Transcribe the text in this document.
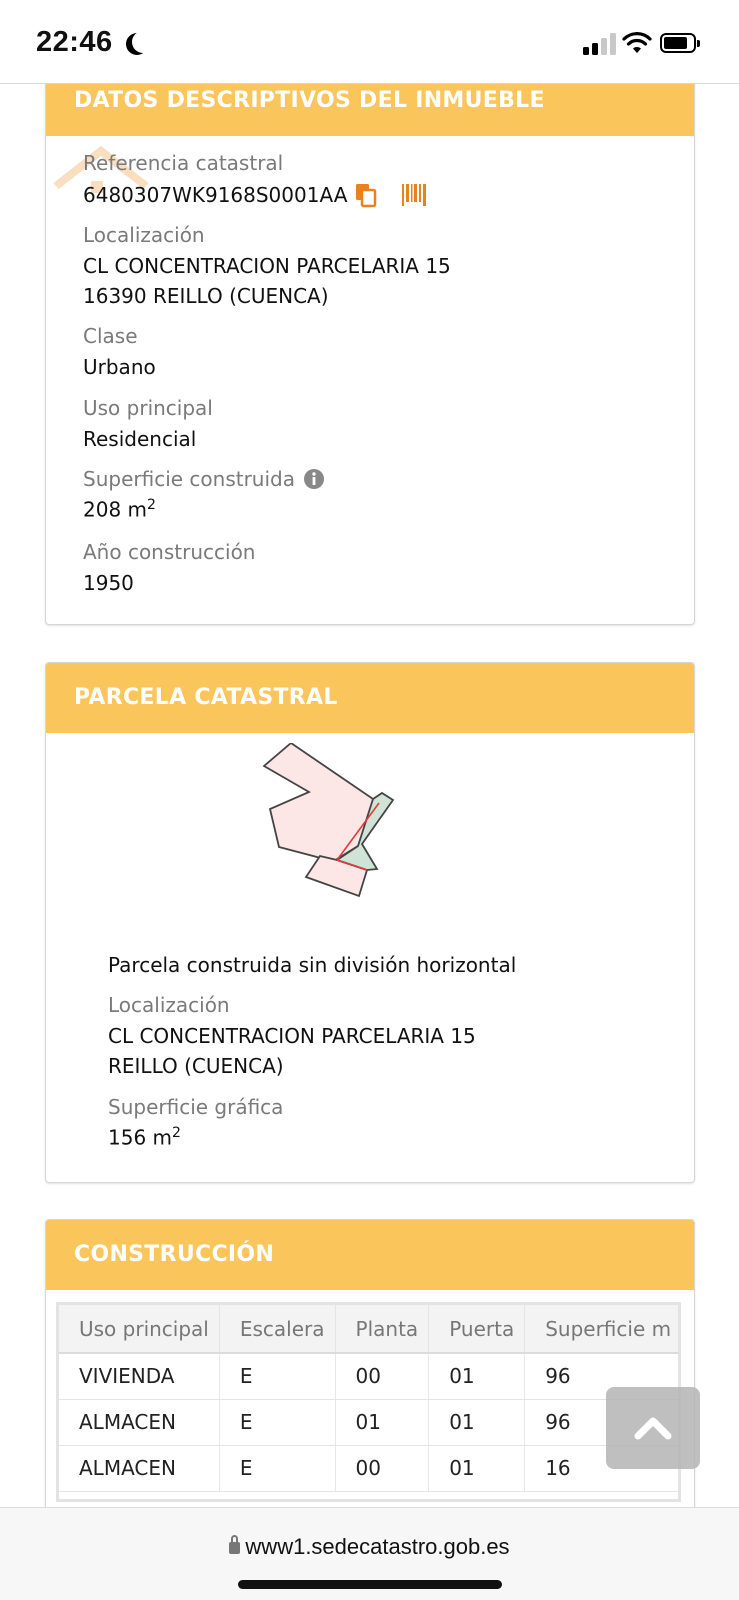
22:46
DATOS DESCRIPTIVOS DEL INMUEBLE
Referencia catastral
6480307WK9168S0001AA
Localización
CL CONCENTRACION PARCELARIA 15
16390 REILLO (CUENCA)
Clase
Urbano
Uso principal
Residencial
Superficie construida
208 $m^2$
Año construcción
1950
PARCELA CATASTRAL
Parcela construida sin división horizontal
Localización
CL CONCENTRACION PARCELARIA 15
REILLO (CUENCA)
Superficie gráfica
156 $m^2$
CONSTRUCCIÓN
Uso principal	Escalera	Planta	Puerta	Superficie m
VIVIENDA	E	00	01	96
ALMACEN	E	01	01	96
ALMACEN	E	00	01	16
www1.sedecatastro.gob.es
